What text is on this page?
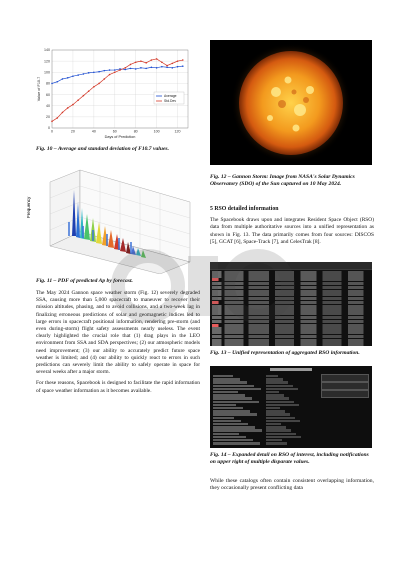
0
20
40
60
80
100
120
140
0	20	40	60	80	100	120
Days of Prediction
Value of F10.7	Average
Std.Dev
Fig. 10 – Average and standard deviation of F10.7 values.
Frequency
Fig. 11 – PDF of predicted Ap by forecast.

The May 2024 Gannon space weather storm (Fig. 12) severely degraded SSA, causing more than 5,000 spacecraft to maneuver to recover their mission altitudes, phasing, and to avoid collisions, and a two-week lag in finalizing erroneous predictions of solar and geomagnetic indices led to large errors in spacecraft positional information, rendering pre-storm (and even during-storm) flight safety assessments nearly useless. The event clearly highlighted the crucial role that (1) drag plays in the LEO environment from SSA and SDA perspectives; (2) our atmospheric models need improvement; (3) our ability to accurately predict future space weather is limited; and (4) our ability to quickly react to errors in such predictions can severely limit the ability to safely operate in space for several weeks after a major storm.

For these reasons, Spacebook is designed to facilitate the rapid information of space weather information as it becomes available.

Fig. 12 – Gannon Storm: Image from NASA's Solar Dynamics Observatory (SDO) of the Sun captured on 10 May 2024.
5 RSO detailed information

The Spacebook draws upon and integrates Resident Space Object (RSO) data from multiple authoritative sources into a unified representation as shown in Fig. 13. The data primarily comes from four sources: DISCOS [5], GCAT [6], Space-Track [7], and CelesTrak [8].

Fig. 13 – Unified representation of aggregated RSO information.
Fig. 14 – Expanded detail on RSO of interest, including notifications on upper right of multiple disparate values.

While these catalogs often contain consistent overlapping information, they occasionally present conflicting data
